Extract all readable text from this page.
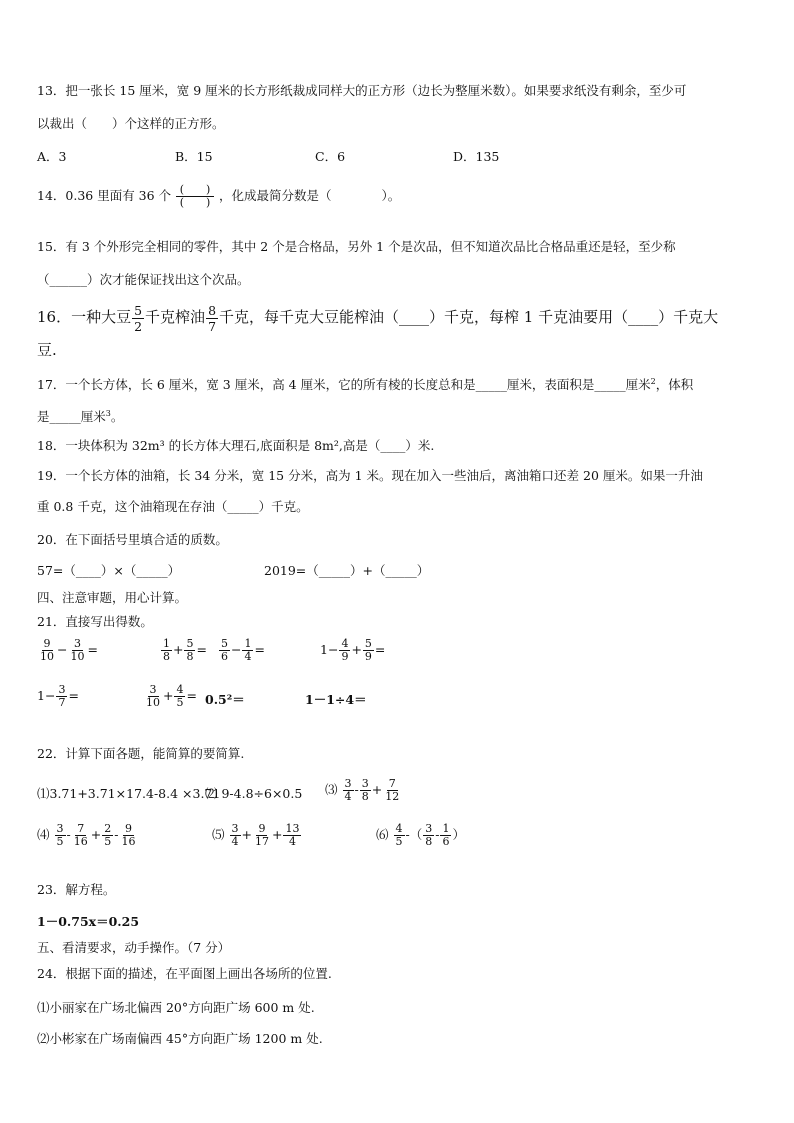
13．把一张长 15 厘米，宽 9 厘米的长方形纸裁成同样大的正方形（边长为整厘米数）。如果要求纸没有剩余，至少可
以裁出（　　）个这样的正方形。
A．3	B．15	C．6	D．135
14．0.36 里面有 36 个 $\frac{( )}{( )}$ ，化成最简分数是（　　　　）。
15．有 3 个外形完全相同的零件，其中 2 个是合格品，另外 1 个是次品，但不知道次品比合格品重还是轻，至少称
（______）次才能保证找出这个次品。
16．一种大豆 $\frac{5}{2}$ 千克榨油 $\frac{8}{7}$ 千克，每千克大豆能榨油（____）千克，每榨 1 千克油要用（____）千克大
豆.
17．一个长方体，长 6 厘米，宽 3 厘米，高 4 厘米，它的所有棱的长度总和是_____厘米，表面积是_____厘米$^2$，体积
是_____厘米$^3$。
18．一块体积为 32m³ 的长方体大理石,底面积是 8m²,高是（____）米.
19．一个长方体的油箱，长 34 分米，宽 15 分米，高为 1 米。现在加入一些油后，离油箱口还差 20 厘米。如果一升油
重 0.8 千克，这个油箱现在存油（_____）千克。
20．在下面括号里填合适的质数。
57=（____）×（_____）	2019=（_____）+（_____）
四、注意审题，用心计算。
21．直接写出得数。
$\frac{9}{10} - \frac{3}{10}$ =	$\frac{1}{8} + \frac{5}{8} = \frac{5}{6} - \frac{1}{4}$ =	$1- \frac{4}{9} + \frac{5}{9}$ =
$1- \frac{3}{7}$ =	$\frac{3}{10} + \frac{4}{5} = 0.5^2=$	1－1÷4＝
22．计算下面各题，能简算的要简算.
⑴3.71+3.71×17.4-8.4 ×3.71
⑵ 9-4.8÷6×0.5 ⑶ $\frac{3}{4} - \frac{3}{8} + \frac{7}{12}$
⑷ $\frac{3}{5} - \frac{7}{16} + \frac{2}{5} - \frac{9}{16}$	⑸ $\frac{3}{4} + \frac{9}{17} + \frac{13}{4}$	⑹ $\frac{4}{5}$ -（ $\frac{3}{8} - \frac{1}{6}$ ）
23．解方程。
1－0.75x＝0.25
五、看清要求，动手操作。（7 分）
24．根据下面的描述，在平面图上画出各场所的位置.
⑴小丽家在广场北偏西 20°方向距广场 600 m 处.
⑵小彬家在广场南偏西 45°方向距广场 1200 m 处.
